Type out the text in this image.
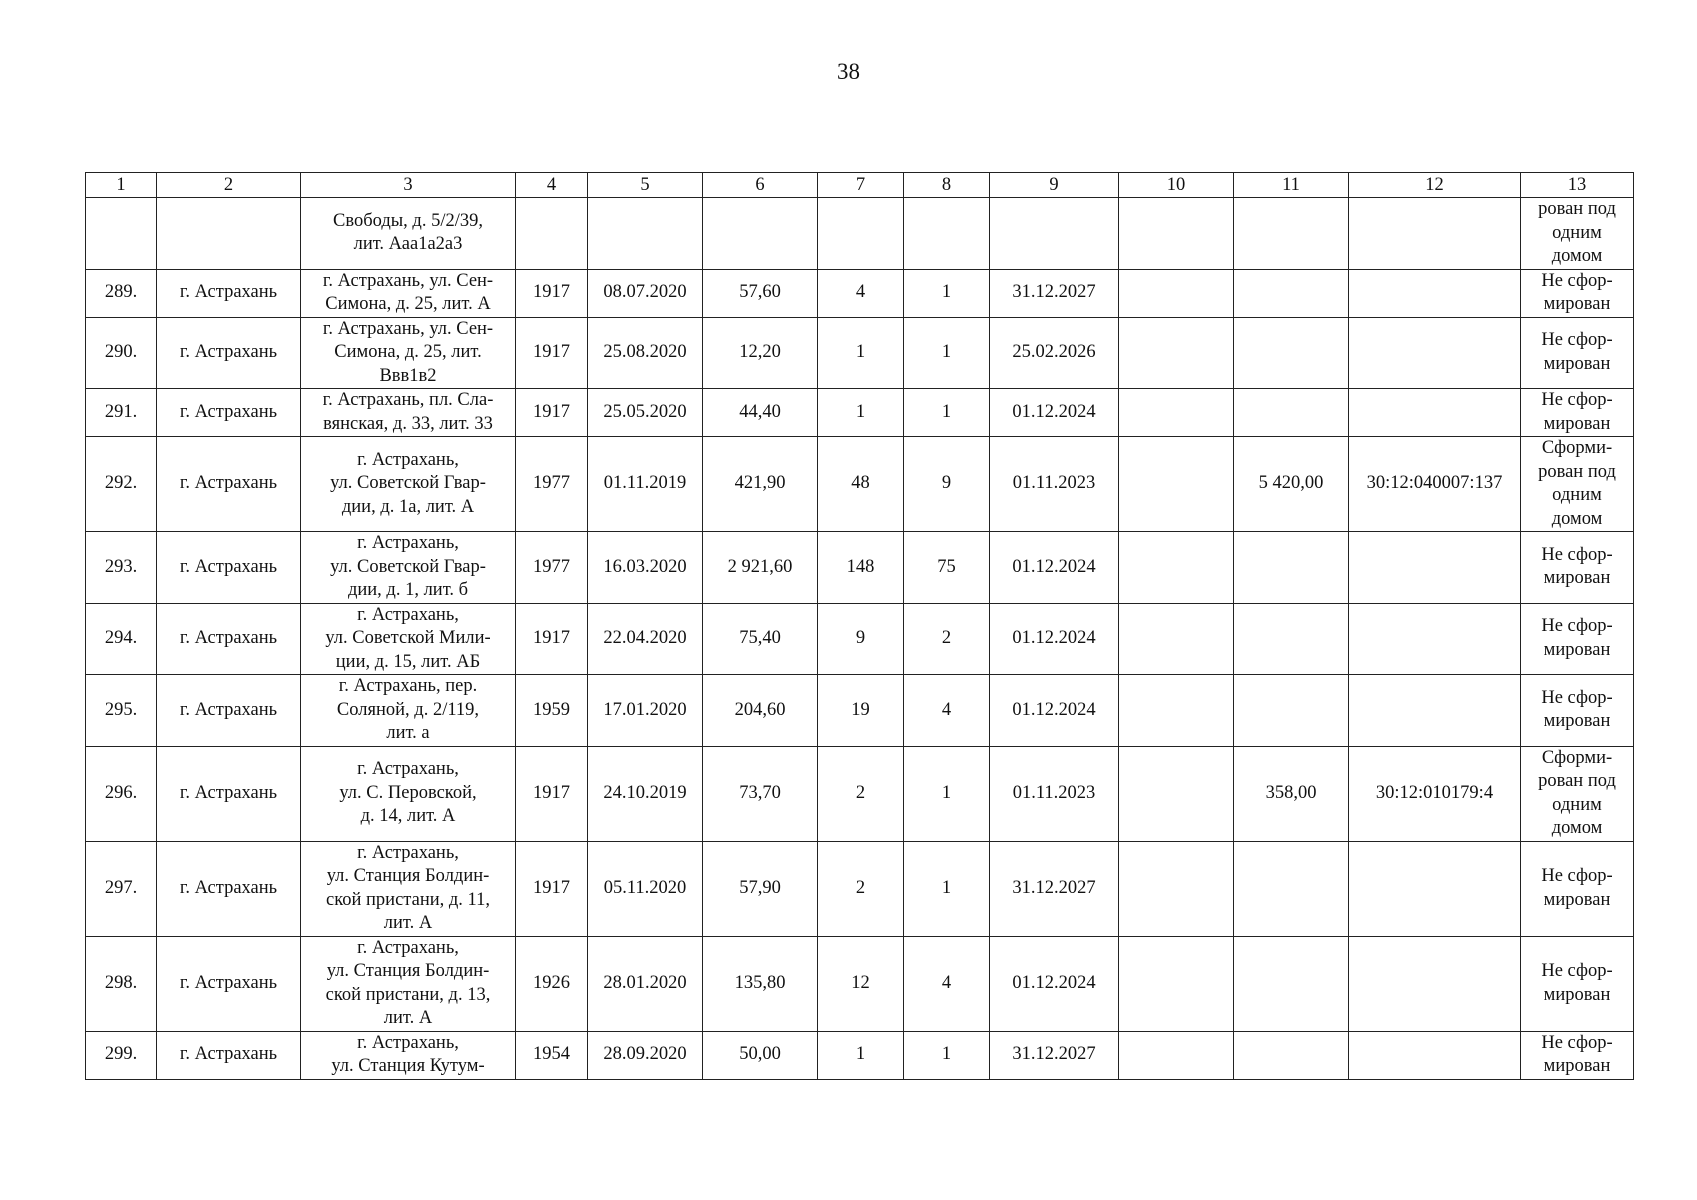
38
1	2	3	4	5	6	7	8	9	10	11	12	13
		Свободы, д. 5/2/39,
лит. Ааа1а2а3										рован под
одним
домом
289.	г. Астрахань	г. Астрахань, ул. Сен-
Симона, д. 25, лит. А	1917	08.07.2020	57,60	4	1	31.12.2027				Не сфор-
мирован
290.	г. Астрахань	г. Астрахань, ул. Сен-
Симона, д. 25, лит.
Ввв1в2	1917	25.08.2020	12,20	1	1	25.02.2026				Не сфор-
мирован
291.	г. Астрахань	г. Астрахань, пл. Сла-
вянская, д. 33, лит. 33	1917	25.05.2020	44,40	1	1	01.12.2024				Не сфор-
мирован
292.	г. Астрахань	г. Астрахань,
ул. Советской Гвар-
дии, д. 1а, лит. А	1977	01.11.2019	421,90	48	9	01.11.2023		5 420,00	30:12:040007:137	Сформи-
рован под
одним
домом
293.	г. Астрахань	г. Астрахань,
ул. Советской Гвар-
дии, д. 1, лит. б	1977	16.03.2020	2 921,60	148	75	01.12.2024				Не сфор-
мирован
294.	г. Астрахань	г. Астрахань,
ул. Советской Мили-
ции, д. 15, лит. АБ	1917	22.04.2020	75,40	9	2	01.12.2024				Не сфор-
мирован
295.	г. Астрахань	г. Астрахань, пер.
Соляной, д. 2/119,
лит. а	1959	17.01.2020	204,60	19	4	01.12.2024				Не сфор-
мирован
296.	г. Астрахань	г. Астрахань,
ул. С. Перовской,
д. 14, лит. А	1917	24.10.2019	73,70	2	1	01.11.2023		358,00	30:12:010179:4	Сформи-
рован под
одним
домом
297.	г. Астрахань	г. Астрахань,
ул. Станция Болдин-
ской пристани, д. 11,
лит. А	1917	05.11.2020	57,90	2	1	31.12.2027				Не сфор-
мирован
298.	г. Астрахань	г. Астрахань,
ул. Станция Болдин-
ской пристани, д. 13,
лит. А	1926	28.01.2020	135,80	12	4	01.12.2024				Не сфор-
мирован
299.	г. Астрахань	г. Астрахань,
ул. Станция Кутум-	1954	28.09.2020	50,00	1	1	31.12.2027				Не сфор-
мирован
